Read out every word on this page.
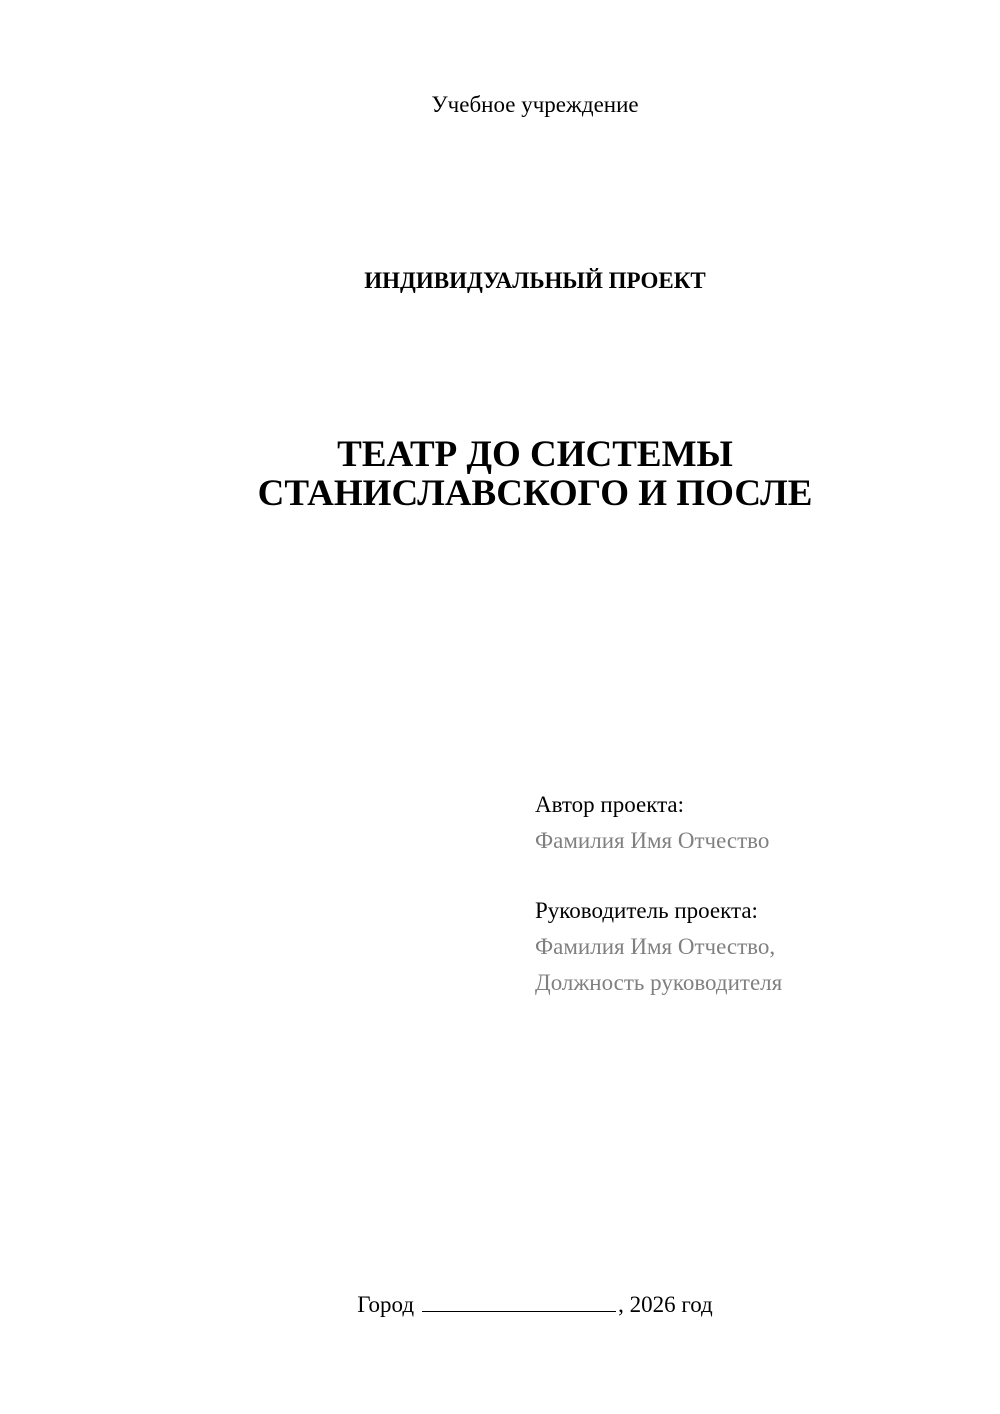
Учебное учреждение
ИНДИВИДУАЛЬНЫЙ ПРОЕКТ
ТЕАТР ДО СИСТЕМЫ
СТАНИСЛАВСКОГО И ПОСЛЕ
Автор проекта:
Фамилия Имя Отчество
Руководитель проекта:
Фамилия Имя Отчество,
Должность руководителя
Город	, 2026 год
